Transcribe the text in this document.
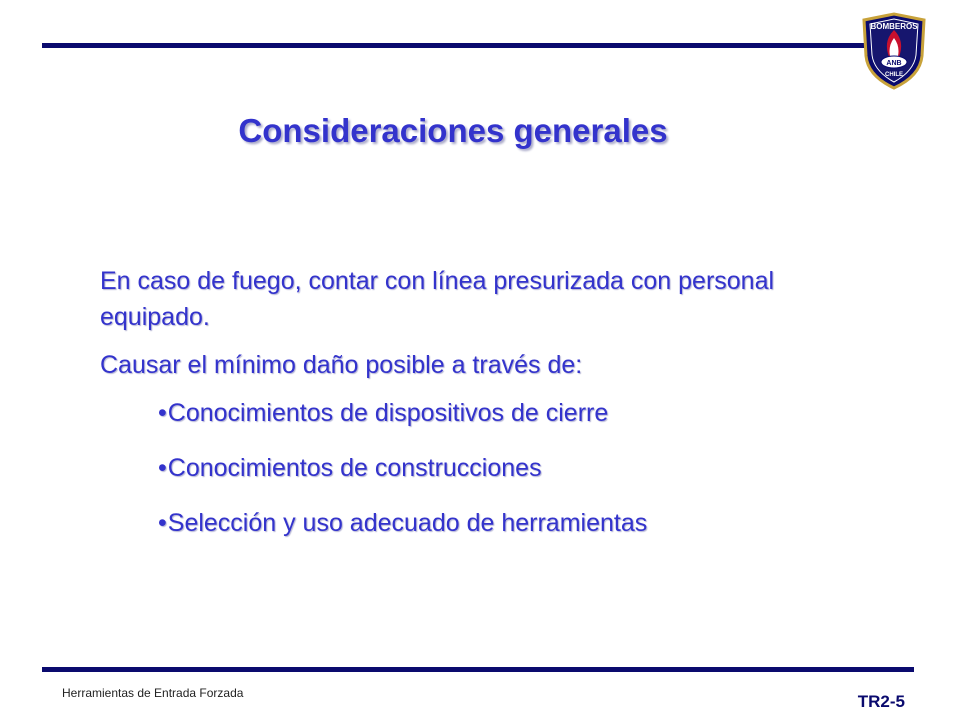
BOMBEROS
ANB
CHILE
Consideraciones generales

En caso de fuego, contar con línea presurizada con personal equipado.

Causar el mínimo daño posible a través de:

•Conocimientos de dispositivos de cierre
•Conocimientos de construcciones
•Selección y uso adecuado de herramientas
Herramientas de Entrada Forzada	TR2-5
